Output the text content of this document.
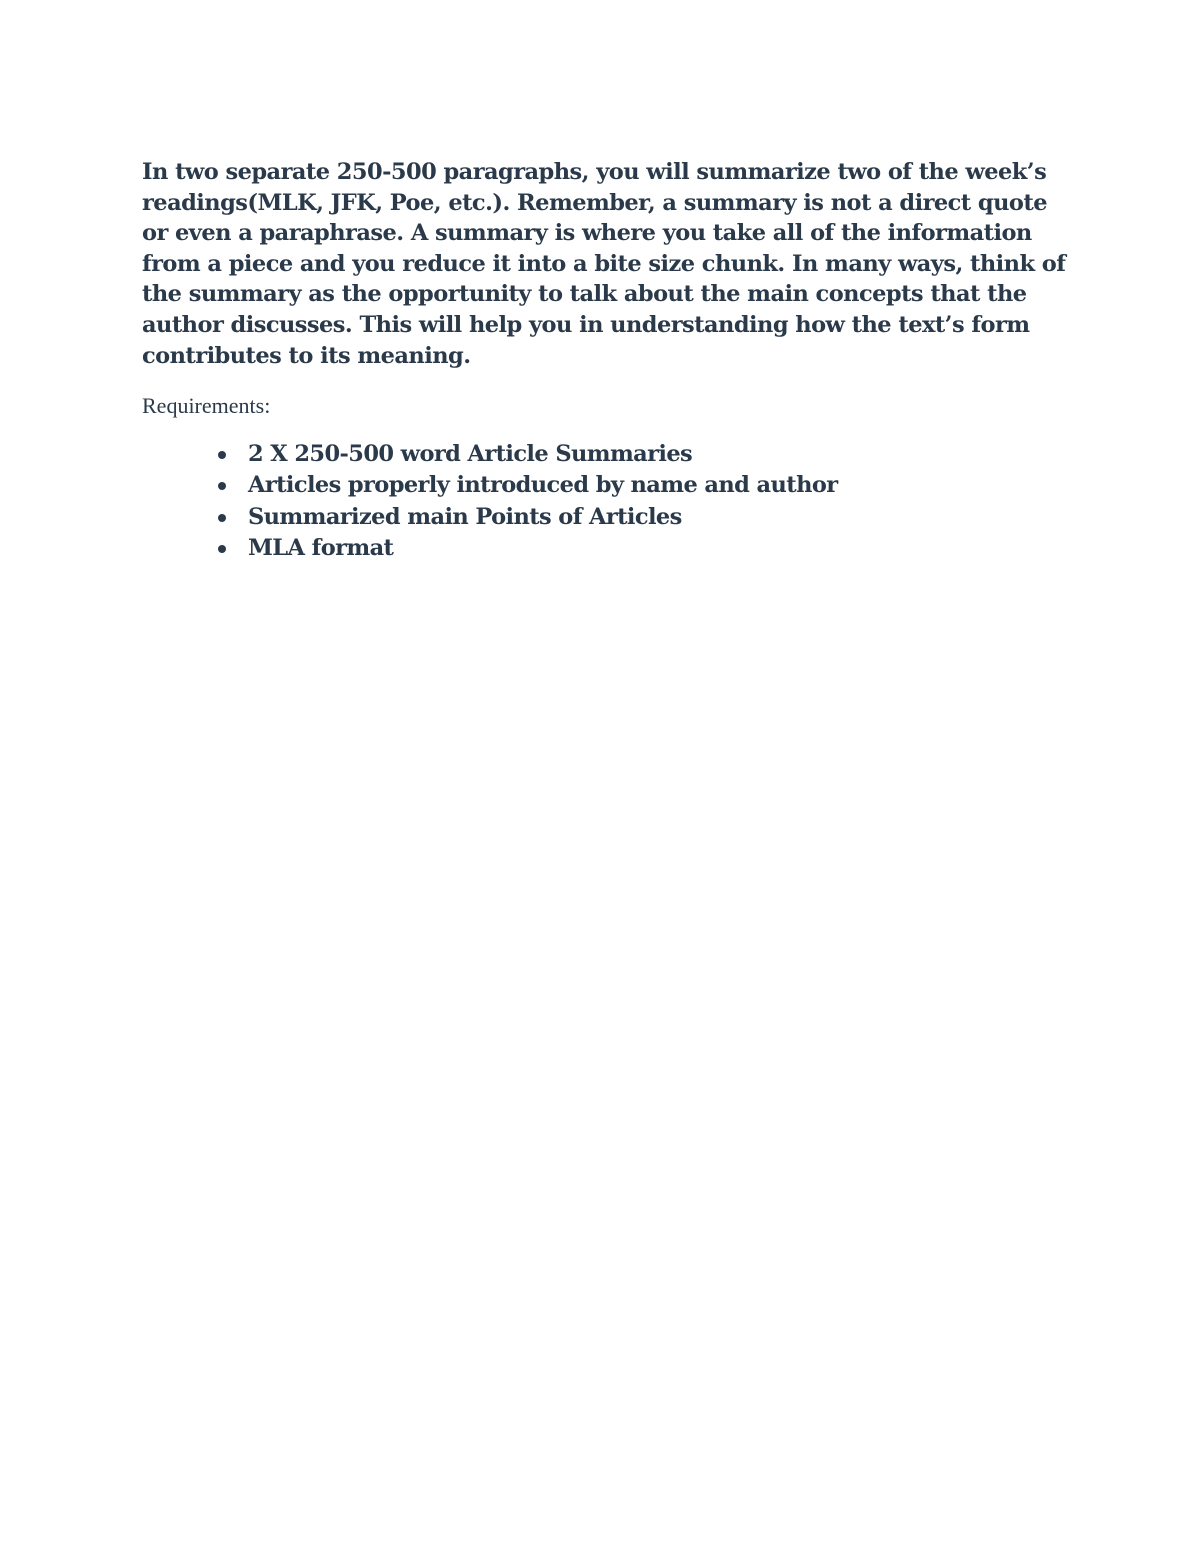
In two separate 250-500 paragraphs, you will summarize two of the week’s readings(MLK, JFK, Poe, etc.). Remember, a summary is not a direct quote or even a paraphrase. A summary is where you take all of the information from a piece and you reduce it into a bite size chunk. In many ways, think of the summary as the opportunity to talk about the main concepts that the author discusses. This will help you in understanding how the text’s form contributes to its meaning.

Requirements:

2 X 250-500 word Article Summaries
Articles properly introduced by name and author
Summarized main Points of Articles
MLA format
